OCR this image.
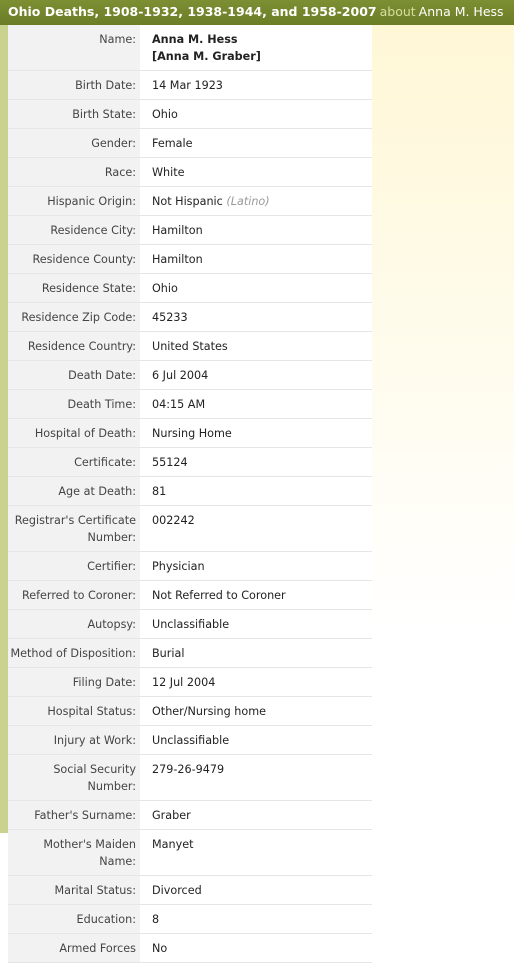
Ohio Deaths, 1908-1932, 1938-1944, and 1958-2007 about Anna M. Hess
Name:	Anna M. Hess
[Anna M. Graber]
Birth Date:	14 Mar 1923
Birth State:	Ohio
Gender:	Female
Race:	White
Hispanic Origin:	Not Hispanic (Latino)
Residence City:	Hamilton
Residence County:	Hamilton
Residence State:	Ohio
Residence Zip Code:	45233
Residence Country:	United States
Death Date:	6 Jul 2004
Death Time:	04:15 AM
Hospital of Death:	Nursing Home
Certificate:	55124
Age at Death:	81
Registrar's Certificate Number:
002242
Certifier:	Physician
Referred to Coroner:	Not Referred to Coroner
Autopsy:	Unclassifiable
Method of Disposition:	Burial
Filing Date:	12 Jul 2004
Hospital Status:	Other/Nursing home
Injury at Work:	Unclassifiable
Social Security Number:
279-26-9479
Father's Surname:	Graber
Mother's Maiden Name:
Manyet
Marital Status:	Divorced
Education:	8
Armed Forces	No
